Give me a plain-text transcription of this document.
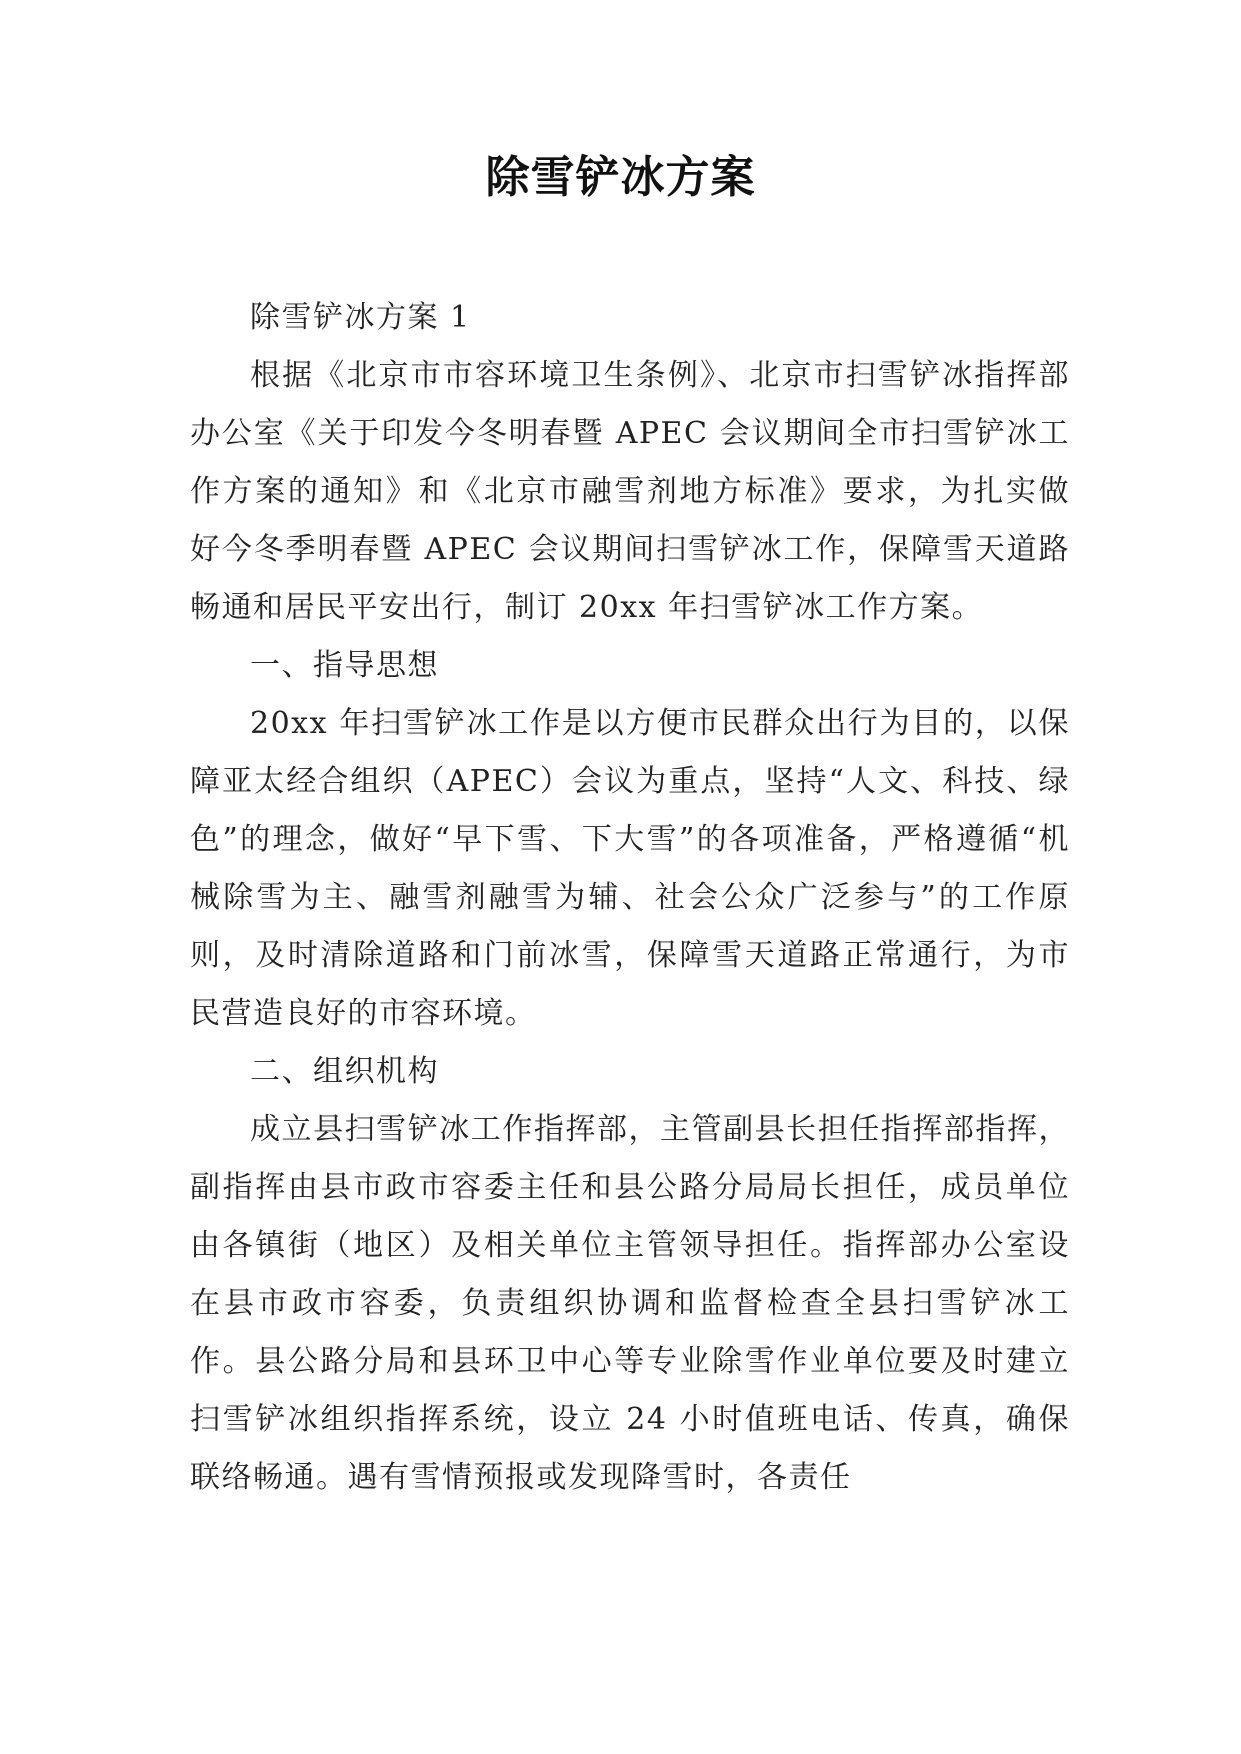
除雪铲冰方案

除雪铲冰方案 1

根据《北京市市容环境卫生条例》、北京市扫雪铲冰指挥部办公室《关于印发今冬明春暨 APEC 会议期间全市扫雪铲冰工作方案的通知》和《北京市融雪剂地方标准》要求，为扎实做好今冬季明春暨 APEC 会议期间扫雪铲冰工作，保障雪天道路畅通和居民平安出行，制订 20xx 年扫雪铲冰工作方案。

一、指导思想

20xx 年扫雪铲冰工作是以方便市民群众出行为目的，以保障亚太经合组织（APEC）会议为重点，坚持“人文、科技、绿色”的理念，做好“早下雪、下大雪”的各项准备，严格遵循“机械除雪为主、融雪剂融雪为辅、社会公众广泛参与”的工作原则，及时清除道路和门前冰雪，保障雪天道路正常通行，为市民营造良好的市容环境。

二、组织机构

成立县扫雪铲冰工作指挥部，主管副县长担任指挥部指挥，副指挥由县市政市容委主任和县公路分局局长担任，成员单位由各镇街（地区）及相关单位主管领导担任。指挥部办公室设在县市政市容委，负责组织协调和监督检查全县扫雪铲冰工作。县公路分局和县环卫中心等专业除雪作业单位要及时建立扫雪铲冰组织指挥系统，设立 24 小时值班电话、传真，确保联络畅通。遇有雪情预报或发现降雪时，各责任
